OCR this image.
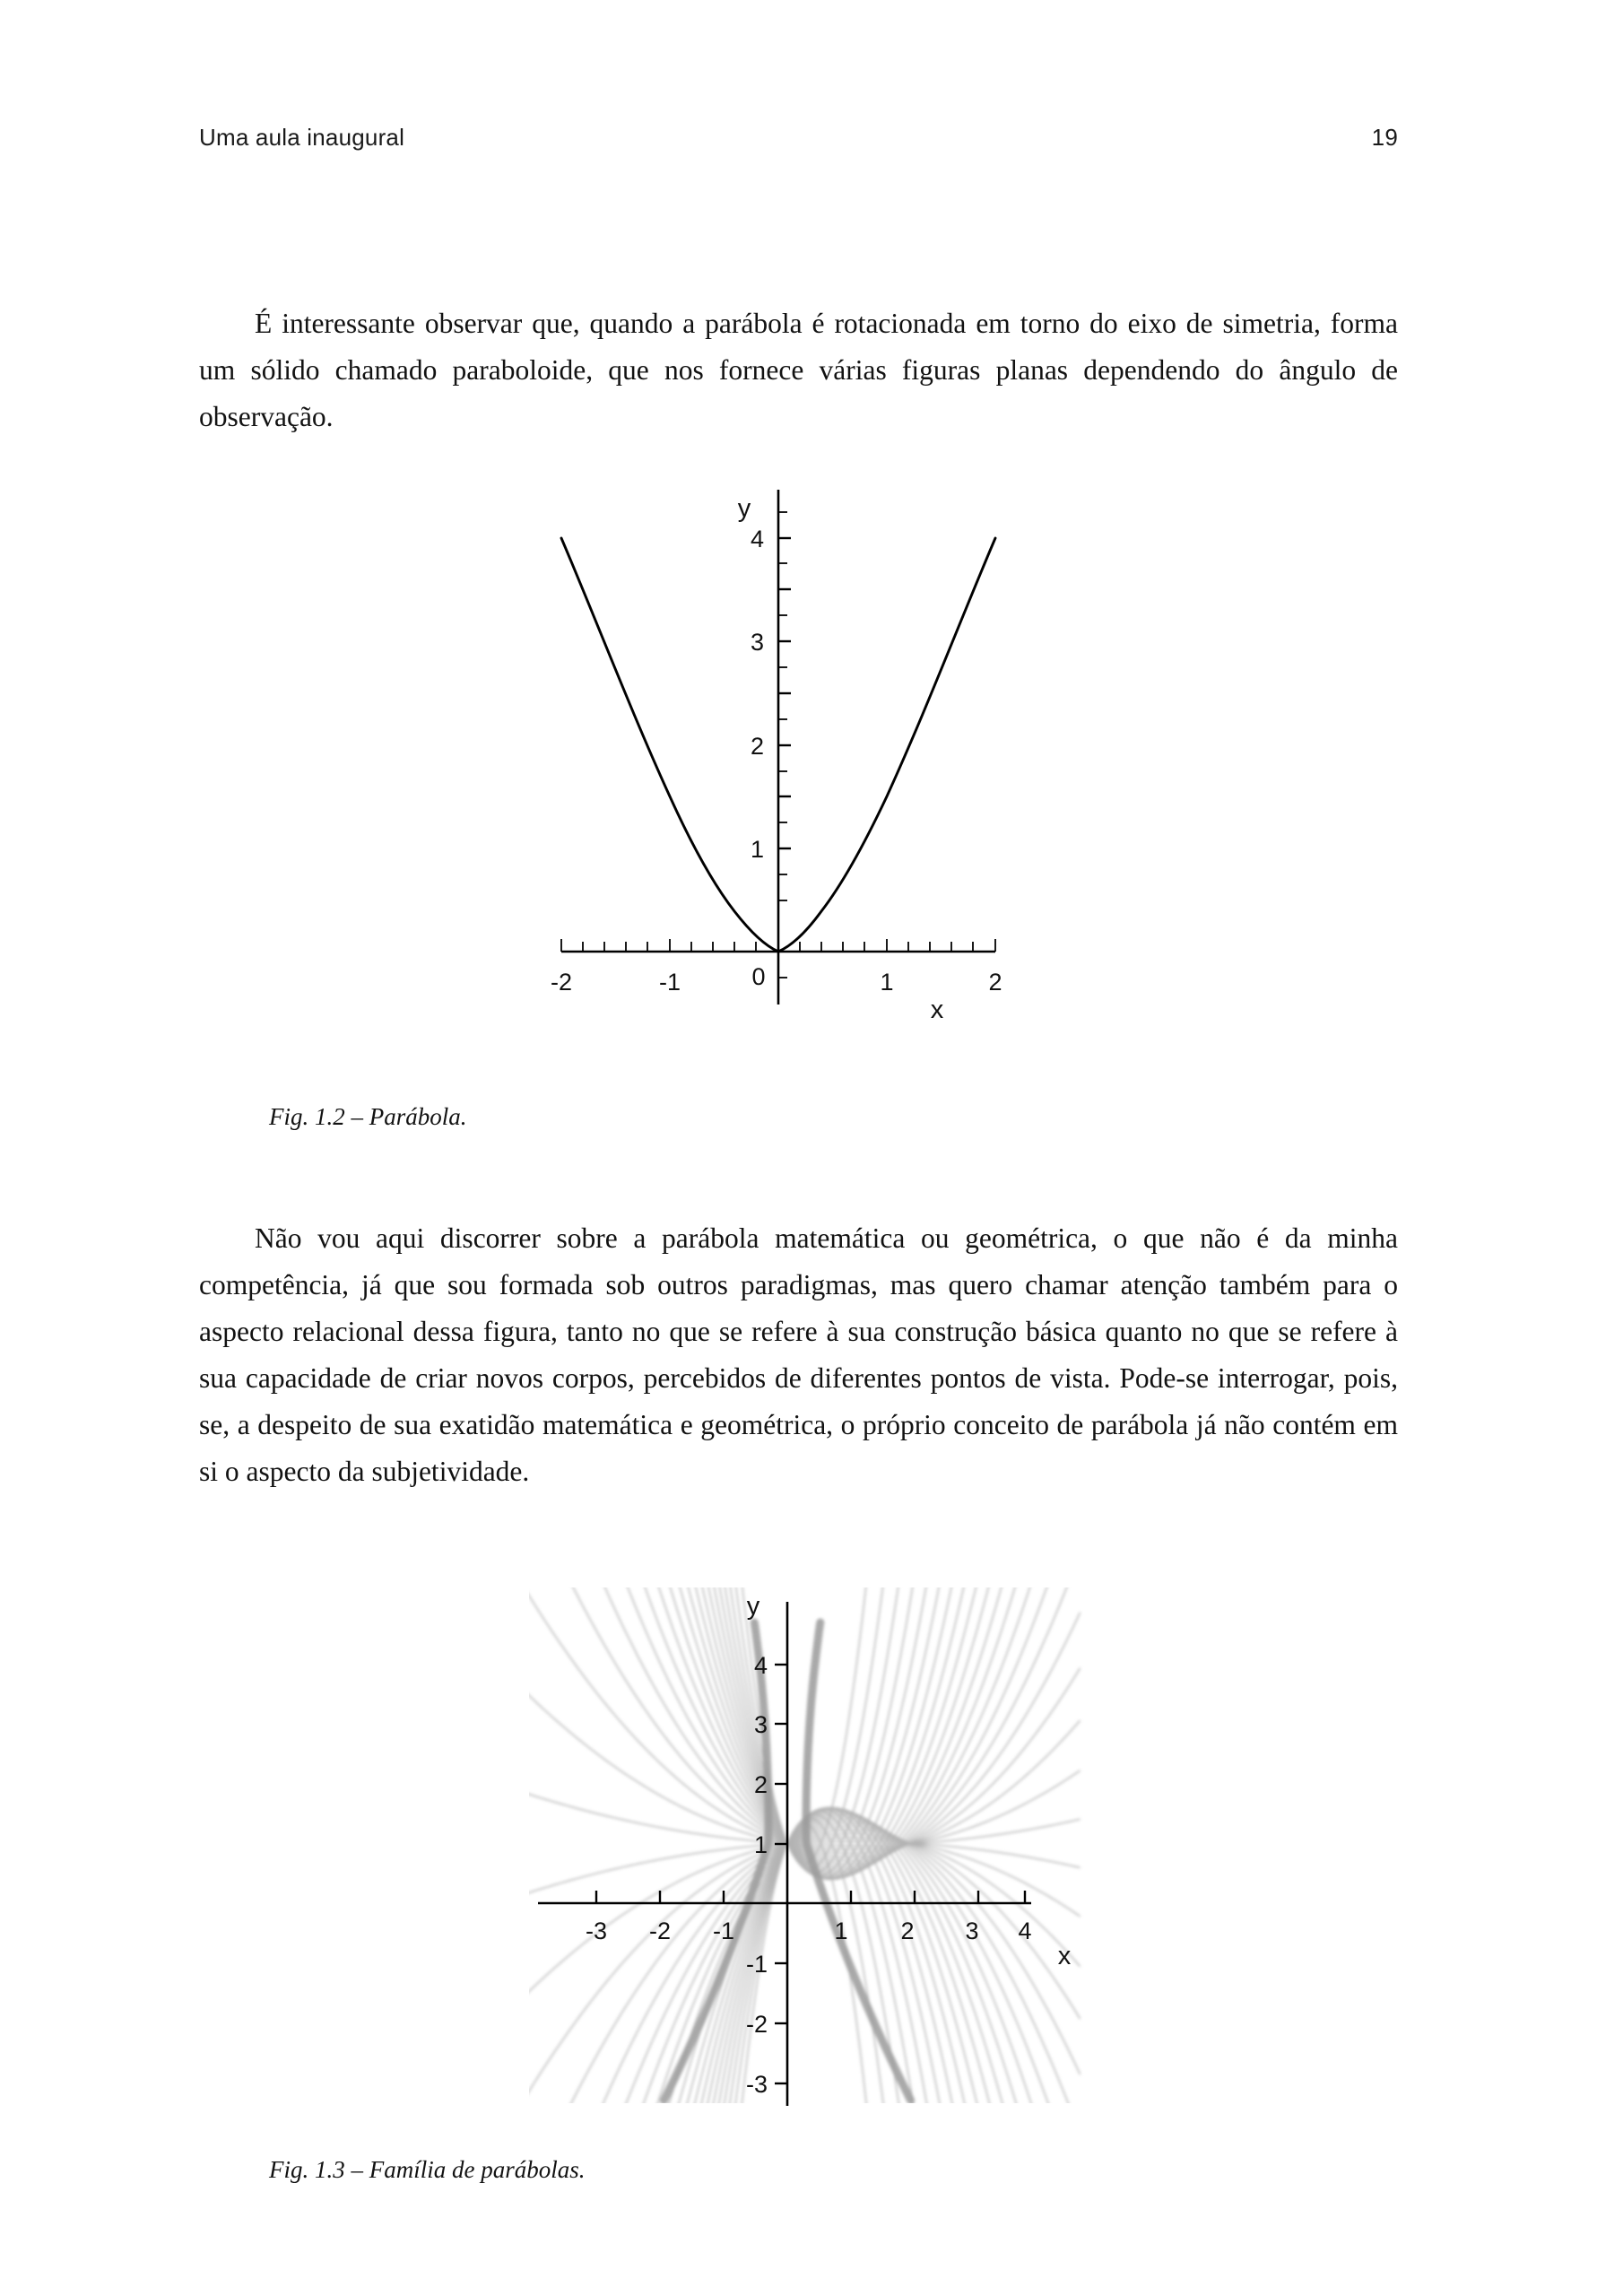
Uma aula inaugural	19

É interessante observar que, quando a parábola é rotacionada em torno do eixo de simetria, forma um sólido chamado paraboloide, que nos fornece várias figuras planas dependendo do ângulo de observação.

y
x
-2	-1	0	1	2
1
2
3
4
Fig. 1.2 – Parábola.

Não vou aqui discorrer sobre a parábola matemática ou geométrica, o que não é da minha competência, já que sou formada sob outros paradigmas, mas quero chamar atenção também para o aspecto relacional dessa figura, tanto no que se refere à sua construção básica quanto no que se refere à sua capacidade de criar novos corpos, percebidos de diferentes pontos de vista. Pode-se interrogar, pois, se, a despeito de sua exatidão matemática e geométrica, o próprio conceito de parábola já não contém em si o aspecto da subjetividade.

y
x
-3 -2 -1	1 2 3 4
4
3
2
1
-1
-2
-3
Fig. 1.3 – Família de parábolas.
